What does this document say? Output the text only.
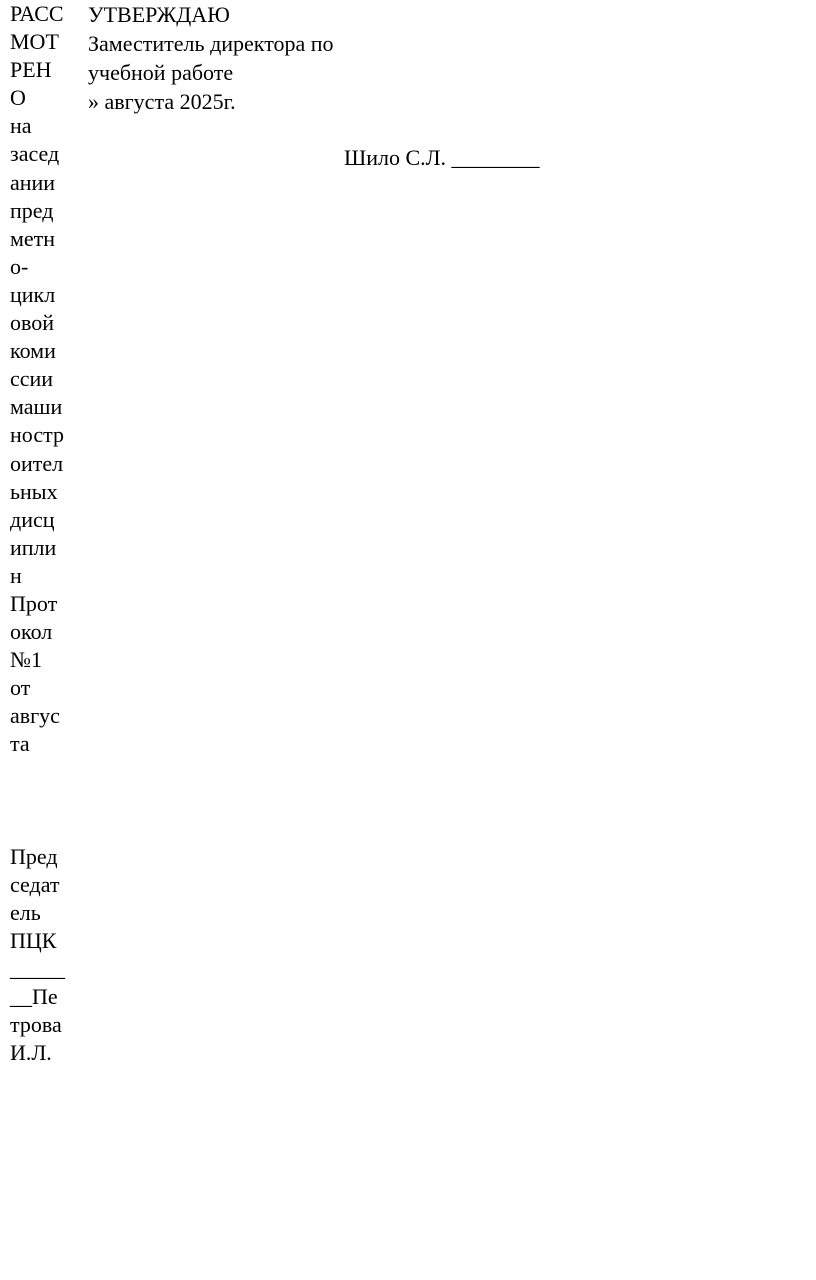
РАСС
МОТ
РЕН
О
на
засед
ании
пред
метн
о-
цикл
овой
коми
ссии
маши
ностр
оител
ьных
дисц
ипли
н
Прот
окол
№1
от
авгус
та
Пред
седат
ель
ПЦК
_____
__Пе
трова
И.Л.
УТВЕРЖДАЮ
Заместитель директора по
учебной работе
» августа 2025г.
Шило С.Л. ________
